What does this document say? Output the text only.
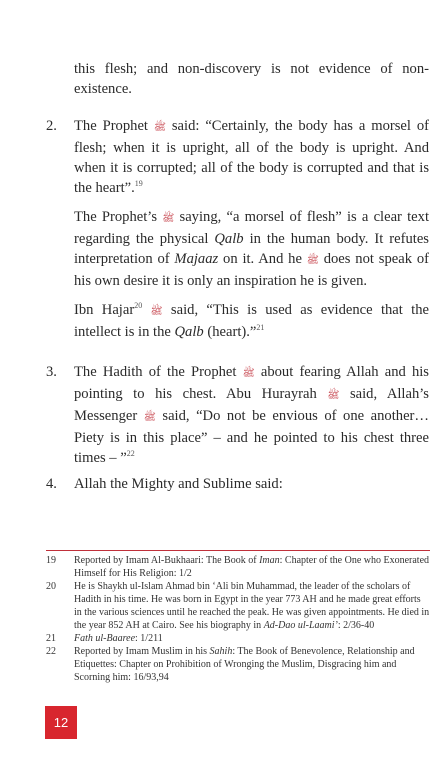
this flesh; and non-discovery is not evidence of non-existence.

2.	The Prophet ﷺ said: “Certainly, the body has a morsel of flesh; when it is upright, all of the body is upright. And when it is corrupted; all of the body is corrupted and that is the heart”.$^{19}$

The Prophet’s ﷺ saying, “a morsel of flesh” is a clear text regarding the physical Qalb in the human body. It refutes interpretation of Majaaz on it. And he ﷺ does not speak of his own desire it is only an inspiration he is given.

Ibn Hajar$^{20}$ ﷺ said, “This is used as evidence that the intellect is in the Qalb (heart).”$^{21}$

3.	The Hadith of the Prophet ﷺ about fearing Allah and his pointing to his chest. Abu Hurayrah ﷺ said, Allah’s Messenger ﷺ said, “Do not be envious of one another… Piety is in this place” – and he pointed to his chest three times – ”$^{22}$

4.	Allah the Mighty and Sublime said:

19 Reported by Imam Al-Bukhaari: The Book of Iman: Chapter of the One who Exonerated Himself for His Religion: 1/2
20 He is Shaykh ul-Islam Ahmad bin ‘Ali bin Muhammad, the leader of the scholars of Hadith in his time. He was born in Egypt in the year 773 AH and he made great efforts in the various sciences until he reached the peak. He was given appointments. He died in the year 852 AH at Cairo. See his biography in Ad-Dao ul-Laami’: 2/36-40
21 Fath ul-Baaree: 1/211
22 Reported by Imam Muslim in his Sahih: The Book of Benevolence, Relationship and Etiquettes: Chapter on Prohibition of Wronging the Muslim, Disgracing him and Scorning him: 16/93,94
12
